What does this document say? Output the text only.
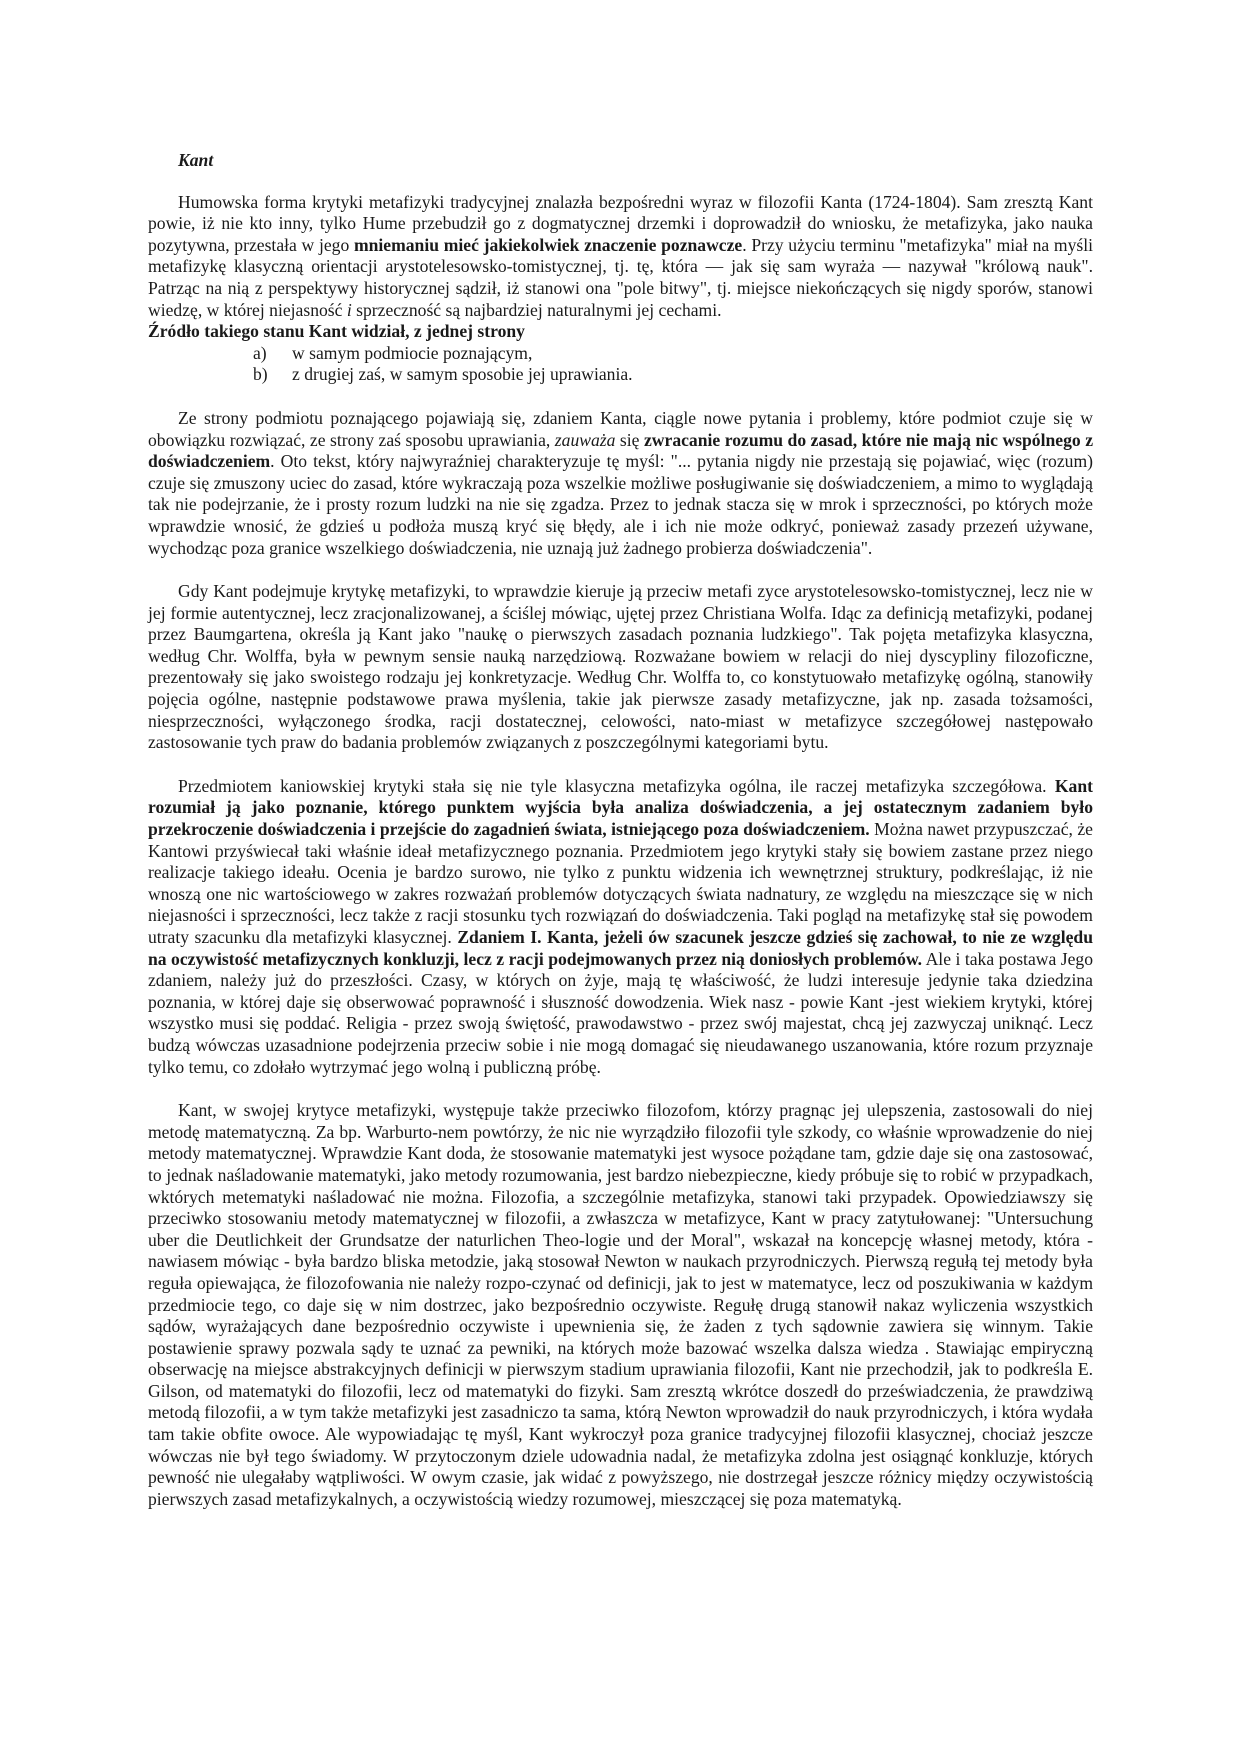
Kant

Humowska forma krytyki metafizyki tradycyjnej znalazła bezpośredni wyraz w filozofii Kanta (1724-1804). Sam zresztą Kant powie, iż nie kto inny, tylko Hume przebudził go z dogmatycznej drzemki i doprowadził do wniosku, że metafizyka, jako nauka pozytywna, przestała w jego mniemaniu mieć jakiekolwiek znaczenie poznawcze. Przy użyciu terminu "metafizyka" miał na myśli metafizykę klasyczną orientacji arystotelesowsko-tomistycznej, tj. tę, która — jak się sam wyraża — nazywał "królową nauk". Patrząc na nią z perspektywy historycznej sądził, iż stanowi ona "pole bitwy", tj. miejsce niekończących się nigdy sporów, stanowi wiedzę, w której niejasność i sprzeczność są najbardziej naturalnymi jej cechami.

Źródło takiego stanu Kant widział, z jednej strony

a)	w samym podmiocie poznającym,
b)	z drugiej zaś, w samym sposobie jej uprawiania.

Ze strony podmiotu poznającego pojawiają się, zdaniem Kanta, ciągle nowe pytania i problemy, które podmiot czuje się w obowiązku rozwiązać, ze strony zaś sposobu uprawiania, zauważa się zwracanie rozumu do zasad, które nie mają nic wspólnego z doświadczeniem. Oto tekst, który najwyraźniej charakteryzuje tę myśl: "... pytania nigdy nie przestają się pojawiać, więc (rozum) czuje się zmuszony uciec do zasad, które wykraczają poza wszelkie możliwe posługiwanie się doświadczeniem, a mimo to wyglądają tak nie podejrzanie, że i prosty rozum ludzki na nie się zgadza. Przez to jednak stacza się w mrok i sprzeczności, po których może wprawdzie wnosić, że gdzieś u podłoża muszą kryć się błędy, ale i ich nie może odkryć, ponieważ zasady przezeń używane, wychodząc poza granice wszelkiego doświadczenia, nie uznają już żadnego probierza doświadczenia".

Gdy Kant podejmuje krytykę metafizyki, to wprawdzie kieruje ją przeciw metafi zyce arystotelesowsko-tomistycznej, lecz nie w jej formie autentycznej, lecz zracjonalizowanej, a ściślej mówiąc, ujętej przez Christiana Wolfa. Idąc za definicją metafizyki, podanej przez Baumgartena, określa ją Kant jako "naukę o pierwszych zasadach poznania ludzkiego". Tak pojęta metafizyka klasyczna, według Chr. Wolffa, była w pewnym sensie nauką narzędziową. Rozważane bowiem w relacji do niej dyscypliny filozoficzne, prezentowały się jako swoistego rodzaju jej konkretyzacje. Według Chr. Wolffa to, co konstytuowało metafizykę ogólną, stanowiły pojęcia ogólne, następnie podstawowe prawa myślenia, takie jak pierwsze zasady metafizyczne, jak np. zasada tożsamości, niesprzeczności, wyłączonego środka, racji dostatecznej, celowości, nato-miast w metafizyce szczegółowej następowało zastosowanie tych praw do badania problemów związanych z poszczególnymi kategoriami bytu.

Przedmiotem kaniowskiej krytyki stała się nie tyle klasyczna metafizyka ogólna, ile raczej metafizyka szczegółowa. Kant rozumiał ją jako poznanie, którego punktem wyjścia była analiza doświadczenia, a jej ostatecznym zadaniem było przekroczenie doświadczenia i przejście do zagadnień świata, istniejącego poza doświadczeniem. Można nawet przypuszczać, że Kantowi przyświecał taki właśnie ideał metafizycznego poznania. Przedmiotem jego krytyki stały się bowiem zastane przez niego realizacje takiego ideału. Ocenia je bardzo surowo, nie tylko z punktu widzenia ich wewnętrznej struktury, podkreślając, iż nie wnoszą one nic wartościowego w zakres rozważań problemów dotyczących świata nadnatury, ze względu na mieszczące się w nich niejasności i sprzeczności, lecz także z racji stosunku tych rozwiązań do doświadczenia. Taki pogląd na metafizykę stał się powodem utraty szacunku dla metafizyki klasycznej. Zdaniem I. Kanta, jeżeli ów szacunek jeszcze gdzieś się zachował, to nie ze względu na oczywistość metafizycznych konkluzji, lecz z racji podejmowanych przez nią doniosłych problemów. Ale i taka postawa Jego zdaniem, należy już do przeszłości. Czasy, w których on żyje, mają tę właściwość, że ludzi interesuje jedynie taka dziedzina poznania, w której daje się obserwować poprawność i słuszność dowodzenia. Wiek nasz - powie Kant -jest wiekiem krytyki, której wszystko musi się poddać. Religia - przez swoją świętość, prawodawstwo - przez swój majestat, chcą jej zazwyczaj uniknąć. Lecz budzą wówczas uzasadnione podejrzenia przeciw sobie i nie mogą domagać się nieudawanego uszanowania, które rozum przyznaje tylko temu, co zdołało wytrzymać jego wolną i publiczną próbę.

Kant, w swojej krytyce metafizyki, występuje także przeciwko filozofom, którzy pragnąc jej ulepszenia, zastosowali do niej metodę matematyczną. Za bp. Warburto-nem powtórzy, że nic nie wyrządziło filozofii tyle szkody, co właśnie wprowadzenie do niej metody matematycznej. Wprawdzie Kant doda, że stosowanie matematyki jest wysoce pożądane tam, gdzie daje się ona zastosować, to jednak naśladowanie matematyki, jako metody rozumowania, jest bardzo niebezpieczne, kiedy próbuje się to robić w przypadkach, wktórych metematyki naśladować nie można. Filozofia, a szczególnie metafizyka, stanowi taki przypadek. Opowiedziawszy się przeciwko stosowaniu metody matematycznej w filozofii, a zwłaszcza w metafizyce, Kant w pracy zatytułowanej: "Untersuchung uber die Deutlichkeit der Grundsatze der naturlichen Theo-logie und der Moral", wskazał na koncepcję własnej metody, która - nawiasem mówiąc - była bardzo bliska metodzie, jaką stosował Newton w naukach przyrodniczych. Pierwszą regułą tej metody była reguła opiewająca, że filozofowania nie należy rozpo-czynać od definicji, jak to jest w matematyce, lecz od poszukiwania w każdym przedmiocie tego, co daje się w nim dostrzec, jako bezpośrednio oczywiste. Regułę drugą stanowił nakaz wyliczenia wszystkich sądów, wyrażających dane bezpośrednio oczywiste i upewnienia się, że żaden z tych sądownie zawiera się winnym. Takie postawienie sprawy pozwala sądy te uznać za pewniki, na których może bazować wszelka dalsza wiedza . Stawiając empiryczną obserwację na miejsce abstrakcyjnych definicji w pierwszym stadium uprawiania filozofii, Kant nie przechodził, jak to podkreśla E. Gilson, od matematyki do filozofii, lecz od matematyki do fizyki. Sam zresztą wkrótce doszedł do przeświadczenia, że prawdziwą metodą filozofii, a w tym także metafizyki jest zasadniczo ta sama, którą Newton wprowadził do nauk przyrodniczych, i która wydała tam takie obfite owoce. Ale wypowiadając tę myśl, Kant wykroczył poza granice tradycyjnej filozofii klasycznej, chociaż jeszcze wówczas nie był tego świadomy. W przytoczonym dziele udowadnia nadal, że metafizyka zdolna jest osiągnąć konkluzje, których pewność nie ulegałaby wątpliwości. W owym czasie, jak widać z powyższego, nie dostrzegał jeszcze różnicy między oczywistością pierwszych zasad metafizykalnych, a oczywistością wiedzy rozumowej, mieszczącej się poza matematyką.
